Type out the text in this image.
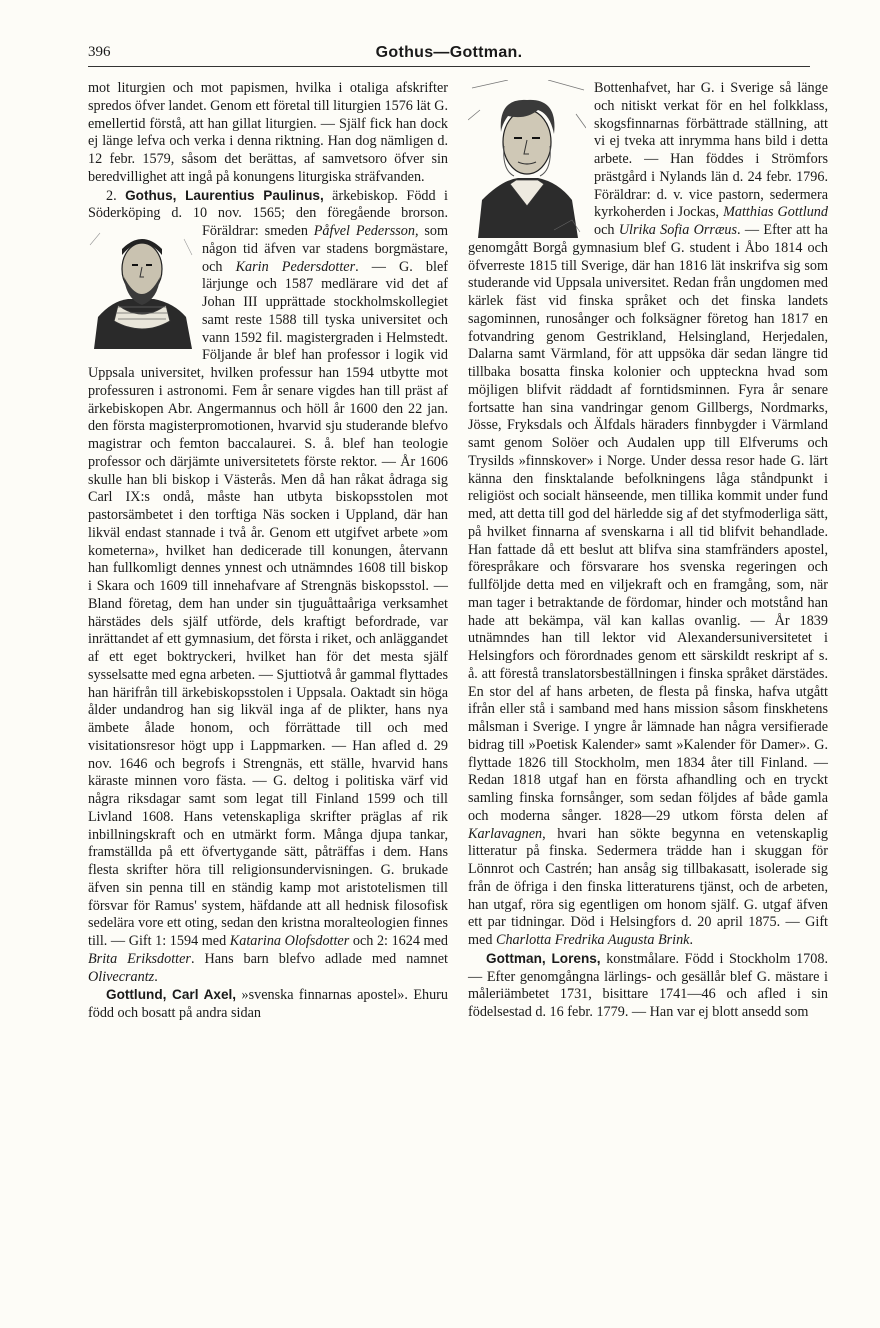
396	Gothus—Gottman.

mot liturgien och mot papismen, hvilka i otaliga afskrifter spredos öfver landet. Genom ett företal till liturgien 1576 lät G. emellertid förstå, att han gillat liturgien. — Själf fick han dock ej länge lefva och verka i denna riktning. Han dog nämligen d. 12 febr. 1579, såsom det berättas, af samvetsoro öfver sin beredvillighet att ingå på konungens liturgiska sträfvanden.

2. Gothus, Laurentius Paulinus, ärkebiskop. Född i Söderköping d. 10 nov. 1565; den föregående brorson. Föräldrar: smeden
Påfvel Pedersson, som någon tid äfven var stadens borgmästare, och Karin Pedersdotter. — G. blef lärjunge och 1587 medlärare vid det af Johan III upprättade stockholmskollegiet samt reste 1588 till tyska universitet och vann 1592 fil. magistergraden i Helmstedt. Följande år blef han professor i logik vid Uppsala universitet, hvilken professur han 1594 utbytte mot professuren i astronomi. Fem år senare vigdes han till präst af ärkebiskopen Abr. Angermannus och höll år 1600 den 22 jan. den första magisterpromotionen, hvarvid sju studerande blefvo magistrar och femton baccalaurei. S. å. blef han teologie professor och därjämte universitetets förste rektor. — År 1606 skulle han bli biskop i Västerås. Men då han råkat ådraga sig Carl IX:s ondå, måste han utbyta biskopsstolen mot pastorsämbetet i den torftiga Näs socken i Uppland, där han likväl endast stannade i två år. Genom ett utgifvet arbete »om kometerna», hvilket han dedicerade till konungen, återvann han fullkomligt dennes ynnest och utnämndes 1608 till biskop i Skara och 1609 till innehafvare af Strengnäs biskopsstol. — Bland företag, dem han under sin tjuguåttaåriga verksamhet härstädes dels själf utförde, dels kraftigt befordrade, var inrättandet af ett gymnasium, det första i riket, och anläggandet af ett eget boktryckeri, hvilket han för det mesta själf sysselsatte med egna arbeten. — Sjuttiotvå år gammal flyttades han härifrån till ärkebiskopsstolen i Uppsala. Oaktadt sin höga ålder undandrog han sig likväl inga af de plikter, hans nya ämbete ålade honom, och förrättade till och med visitationsresor högt upp i Lappmarken. — Han afled d. 29 nov. 1646 och begrofs i Strengnäs, ett ställe, hvarvid hans käraste minnen voro fästa. — G. deltog i politiska värf vid några riksdagar samt som legat till Finland 1599 och till Livland 1608. Hans vetenskapliga skrifter präglas af rik inbillningskraft och en utmärkt form. Många djupa tankar, framställda på ett öfvertygande sätt, påträffas i dem. Hans flesta skrifter höra till religionsundervisningen. G. brukade äfven sin penna till en ständig kamp mot aristotelismen till försvar för Ramus' system, häfdande att all hednisk filosofisk sedelära vore ett oting, sedan den kristna moralteologien finnes till. — Gift 1: 1594 med Katarina Olofsdotter och 2: 1624 med Brita Eriksdotter. Hans barn blefvo adlade med namnet Olivecrantz.

Gottlund, Carl Axel, »svenska finnarnas apostel». Ehuru född och bosatt på andra sidan

Bottenhafvet, har G. i Sverige så länge och nitiskt verkat för en hel folkklass, skogsfinnarnas förbättrade ställning, att vi ej tveka att inrymma hans bild i detta arbete. — Han föddes i Strömfors prästgård i Nylands län d. 24 febr. 1796. Föräldrar: d. v. vice pastorn, sedermera kyrkoherden i Jockas, Matthias Gottlund och Ulrika Sofia Orræus. — Efter att ha genomgått Borgå gymnasium blef G. student i Åbo 1814 och öfverreste 1815 till Sverige, där han 1816 lät inskrifva sig som studerande vid Uppsala universitet. Redan från ungdomen med kärlek fäst vid finska språket och det finska landets sagominnen, runosånger och folksägner företog han 1817 en fotvandring genom Gestrikland, Helsingland, Herjedalen, Dalarna samt Värmland, för att uppsöka där sedan längre tid tillbaka bosatta finska kolonier och uppteckna hvad som möjligen blifvit räddadt af forntidsminnen. Fyra år senare fortsatte han sina vandringar genom Gillbergs, Nordmarks, Jösse, Fryksdals och Älfdals häraders finnbygder i Värmland samt genom Solöer och Audalen upp till Elfverums och Trysilds »finnskover» i Norge. Under dessa resor hade G. lärt känna den finsktalande befolkningens låga ståndpunkt i religiöst och socialt hänseende, men tillika kommit under fund med, att detta till god del härledde sig af det styfmoderliga sätt, på hvilket finnarna af svenskarna i all tid blifvit behandlade. Han fattade då ett beslut att blifva sina stamfränders apostel, förespråkare och försvarare hos svenska regeringen och fullföljde detta med en viljekraft och en framgång, som, när man tager i betraktande de fördomar, hinder och motstånd han hade att bekämpa, väl kan kallas ovanlig. — År 1839 utnämndes han till lektor vid Alexandersuniversitetet i Helsingfors och förordnades genom ett särskildt reskript af s. å. att förestå translatorsbeställningen i finska språket därstädes. En stor del af hans arbeten, de flesta på finska, hafva utgått ifrån eller stå i samband med hans mission såsom finskhetens målsman i Sverige. I yngre år lämnade han några versifierade bidrag till »Poetisk Kalender» samt »Kalender för Damer». G. flyttade 1826 till Stockholm, men 1834 åter till Finland. — Redan 1818 utgaf han en första afhandling och en tryckt samling finska fornsånger, som sedan följdes af både gamla och moderna sånger. 1828—29 utkom första delen af Karlavagnen, hvari han sökte begynna en vetenskaplig litteratur på finska. Sedermera trädde han i skuggan för Lönnrot och Castrén; han ansåg sig tillbakasatt, isolerade sig från de öfriga i den finska litteraturens tjänst, och de arbeten, han utgaf, röra sig egentligen om honom själf. G. utgaf äfven ett par tidningar. Död i Helsingfors d. 20 april 1875. — Gift med Charlotta Fredrika Augusta Brink.

Gottman, Lorens, konstmålare. Född i Stockholm 1708. — Efter genomgångna lärlings- och gesällår blef G. mästare i måleriämbetet 1731, bisittare 1741—46 och afled i sin födelsestad d. 16 febr. 1779. — Han var ej blott ansedd som
